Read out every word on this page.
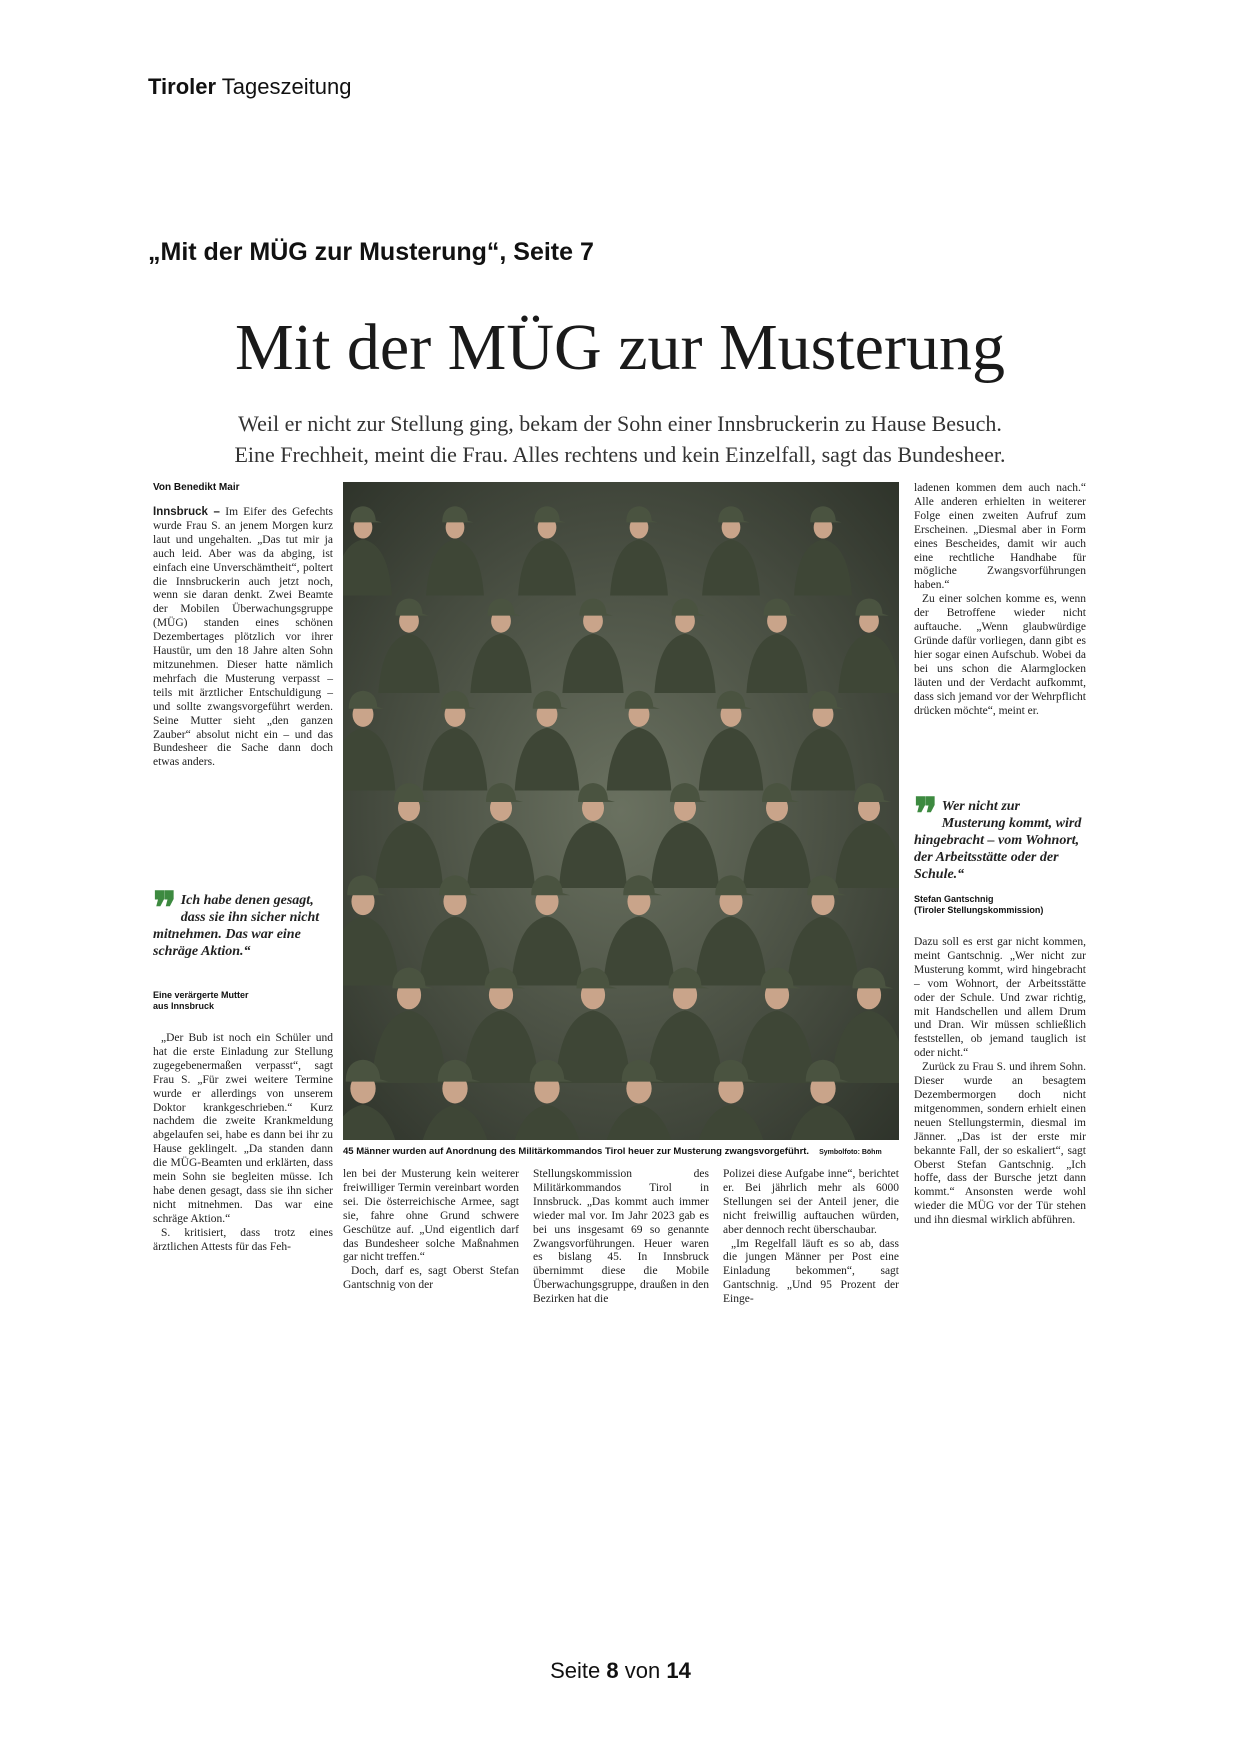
Tiroler Tageszeitung
„Mit der MÜG zur Musterung“, Seite 7
Mit der MÜG zur Musterung
Weil er nicht zur Stellung ging, bekam der Sohn einer Innsbruckerin zu Hause Besuch.
Eine Frechheit, meint die Frau. Alles rechtens und kein Einzelfall, sagt das Bundesheer.
Von Benedikt Mair

Innsbruck – Im Eifer des Gefechts wurde Frau S. an jenem Morgen kurz laut und ungehalten. „Das tut mir ja auch leid. Aber was da abging, ist einfach eine Unverschämtheit“, poltert die Innsbruckerin auch jetzt noch, wenn sie daran denkt. Zwei Beamte der Mobilen Überwachungsgruppe (MÜG) standen eines schönen Dezembertages plötzlich vor ihrer Haustür, um den 18 Jahre alten Sohn mitzunehmen. Dieser hatte nämlich mehrfach die Musterung verpasst – teils mit ärztlicher Entschuldigung – und sollte zwangsvorgeführt werden. Seine Mutter sieht „den ganzen Zauber“ absolut nicht ein – und das Bundesheer die Sache dann doch etwas anders.

❞ Ich habe denen gesagt, dass sie ihn sicher nicht mitnehmen. Das war eine schräge Aktion.“
Eine verärgerte Mutter
aus Innsbruck

„Der Bub ist noch ein Schüler und hat die erste Einladung zur Stellung zugegebenermaßen verpasst“, sagt Frau S. „Für zwei weitere Termine wurde er allerdings von unserem Doktor krankgeschrieben.“ Kurz nachdem die zweite Krankmeldung abgelaufen sei, habe es dann bei ihr zu Hause geklingelt. „Da standen dann die MÜG-Beamten und erklärten, dass mein Sohn sie begleiten müsse. Ich habe denen gesagt, dass sie ihn sicher nicht mitnehmen. Das war eine schräge Aktion.“

S. kritisiert, dass trotz eines ärztlichen Attests für das Feh-

45 Männer wurden auf Anordnung des Militärkommandos Tirol heuer zur Musterung zwangsvorgeführt. Symbolfoto: Böhm

len bei der Musterung kein weiterer freiwilliger Termin vereinbart worden sei. Die österreichische Armee, sagt sie, fahre ohne Grund schwere Geschütze auf. „Und eigentlich darf das Bundesheer solche Maßnahmen gar nicht treffen.“

Doch, darf es, sagt Oberst Stefan Gantschnig von der

Stellungskommission des Militärkommandos Tirol in Innsbruck. „Das kommt auch immer wieder mal vor. Im Jahr 2023 gab es bei uns insgesamt 69 so genannte Zwangsvorführungen. Heuer waren es bislang 45. In Innsbruck übernimmt diese die Mobile Überwachungsgruppe, draußen in den Bezirken hat die

Polizei diese Aufgabe inne“, berichtet er. Bei jährlich mehr als 6000 Stellungen sei der Anteil jener, die nicht freiwillig auftauchen würden, aber dennoch recht überschaubar.

„Im Regelfall läuft es so ab, dass die jungen Männer per Post eine Einladung bekommen“, sagt Gantschnig. „Und 95 Prozent der Einge-

ladenen kommen dem auch nach.“ Alle anderen erhielten in weiterer Folge einen zweiten Aufruf zum Erscheinen. „Diesmal aber in Form eines Bescheides, damit wir auch eine rechtliche Handhabe für mögliche Zwangsvorführungen haben.“

Zu einer solchen komme es, wenn der Betroffene wieder nicht auftauche. „Wenn glaubwürdige Gründe dafür vorliegen, dann gibt es hier sogar einen Aufschub. Wobei da bei uns schon die Alarmglocken läuten und der Verdacht aufkommt, dass sich jemand vor der Wehrpflicht drücken möchte“, meint er.

❞ Wer nicht zur Musterung kommt, wird hingebracht – vom Wohnort, der Arbeitsstätte oder der Schule.“
Stefan Gantschnig
(Tiroler Stellungskommission)

Dazu soll es erst gar nicht kommen, meint Gantschnig. „Wer nicht zur Musterung kommt, wird hingebracht – vom Wohnort, der Arbeitsstätte oder der Schule. Und zwar richtig, mit Handschellen und allem Drum und Dran. Wir müssen schließlich feststellen, ob jemand tauglich ist oder nicht.“

Zurück zu Frau S. und ihrem Sohn. Dieser wurde an besagtem Dezembermorgen doch nicht mitgenommen, sondern erhielt einen neuen Stellungstermin, diesmal im Jänner. „Das ist der erste mir bekannte Fall, der so eskaliert“, sagt Oberst Stefan Gantschnig. „Ich hoffe, dass der Bursche jetzt dann kommt.“ Ansonsten werde wohl wieder die MÜG vor der Tür stehen und ihn diesmal wirklich abführen.

Seite 8 von 14
